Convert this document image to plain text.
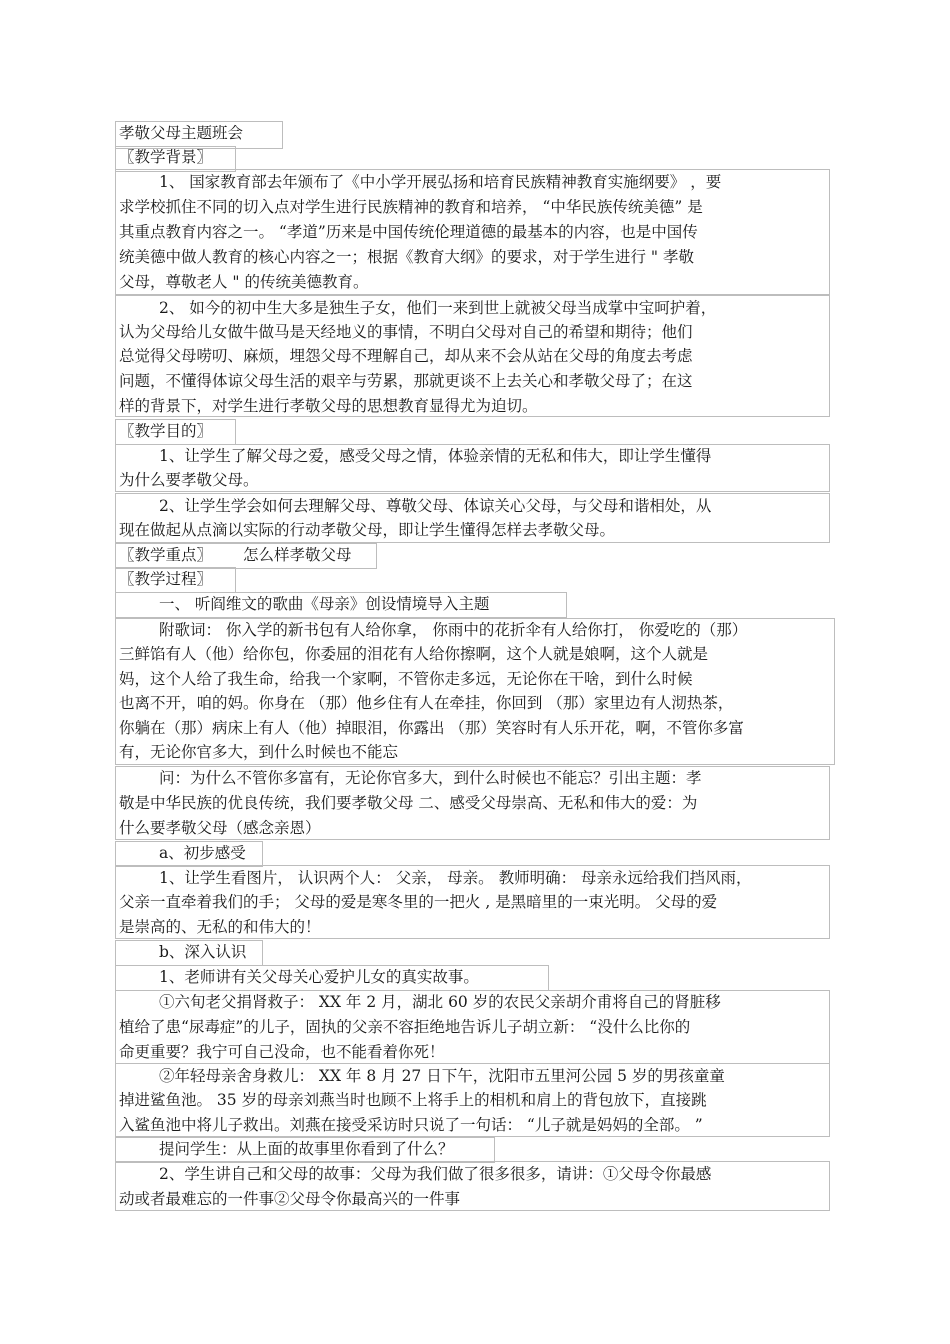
孝敬父母主题班会
〖教学背景〗
1、 国家教育部去年颁布了《中小学开展弘扬和培育民族精神教育实施纲要》 ，要
求学校抓住不同的切入点对学生进行民族精神的教育和培养， “中华民族传统美德” 是
其重点教育内容之一。 “孝道”历来是中国传统伦理道德的最基本的内容，也是中国传
统美德中做人教育的核心内容之一；根据《教育大纲》的要求，对于学生进行 " 孝敬
父母，尊敬老人 " 的传统美德教育。
2、 如今的初中生大多是独生子女，他们一来到世上就被父母当成掌中宝呵护着，
认为父母给儿女做牛做马是天经地义的事情，不明白父母对自己的希望和期待；他们
总觉得父母唠叨、麻烦，埋怨父母不理解自己，却从来不会从站在父母的角度去考虑
问题，不懂得体谅父母生活的艰辛与劳累，那就更谈不上去关心和孝敬父母了；在这
样的背景下，对学生进行孝敬父母的思想教育显得尤为迫切。
〖教学目的〗
1、让学生了解父母之爱，感受父母之情，体验亲情的无私和伟大，即让学生懂得
为什么要孝敬父母。
2、让学生学会如何去理解父母、尊敬父母、体谅关心父母，与父母和谐相处，从
现在做起从点滴以实际的行动孝敬父母，即让学生懂得怎样去孝敬父母。
〖教学重点〗 怎么样孝敬父母
〖教学过程〗
一、 听阎维文的歌曲《母亲》创设情境导入主题
附歌词： 你入学的新书包有人给你拿， 你雨中的花折伞有人给你打， 你爱吃的（那）
三鲜馅有人（他）给你包，你委屈的泪花有人给你擦啊，这个人就是娘啊，这个人就是
妈，这个人给了我生命，给我一个家啊，不管你走多远，无论你在干啥，到什么时候
也离不开，咱的妈。你身在 （那）他乡住有人在牵挂，你回到 （那）家里边有人沏热茶，
你躺在（那）病床上有人（他）掉眼泪，你露出 （那）笑容时有人乐开花，啊，不管你多富
有，无论你官多大，到什么时候也不能忘
问：为什么不管你多富有，无论你官多大，到什么时候也不能忘？引出主题：孝
敬是中华民族的优良传统，我们要孝敬父母 二、感受父母崇高、无私和伟大的爱：为
什么要孝敬父母（感念亲恩）
a、初步感受
1、让学生看图片， 认识两个人： 父亲， 母亲。 教师明确： 母亲永远给我们挡风雨，
父亲一直牵着我们的手； 父母的爱是寒冬里的一把火 , 是黑暗里的一束光明。 父母的爱
是崇高的、无私的和伟大的！
b、深入认识
1、老师讲有关父母关心爱护儿女的真实故事。
①六旬老父捐肾救子： XX 年 2 月，湖北 60 岁的农民父亲胡介甫将自己的肾脏移
植给了患“尿毒症”的儿子，固执的父亲不容拒绝地告诉儿子胡立新： “没什么比你的
命更重要？我宁可自己没命，也不能看着你死！
②年轻母亲舍身救儿： XX 年 8 月 27 日下午，沈阳市五里河公园 5 岁的男孩童童
掉进鲨鱼池。 35 岁的母亲刘燕当时也顾不上将手上的相机和肩上的背包放下，直接跳
入鲨鱼池中将儿子救出。刘燕在接受采访时只说了一句话： “儿子就是妈妈的全部。 ”
提问学生：从上面的故事里你看到了什么？
2、学生讲自己和父母的故事：父母为我们做了很多很多，请讲：①父母令你最感
动或者最难忘的一件事②父母令你最高兴的一件事
